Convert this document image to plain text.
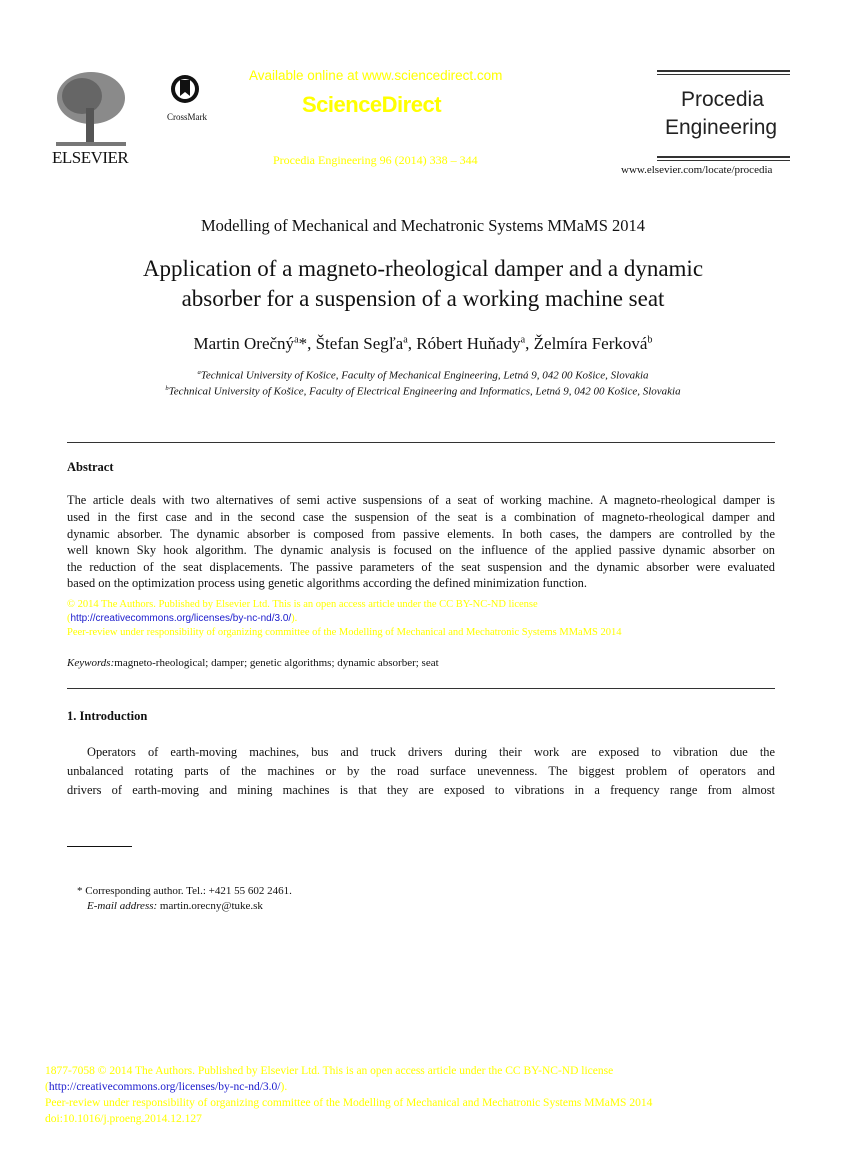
ELSEVIER
CrossMark
Available online at www.sciencedirect.com
ScienceDirect
Procedia Engineering 96 (2014) 338 – 344
Procedia
Engineering
www.elsevier.com/locate/procedia
Modelling of Mechanical and Mechatronic Systems MMaMS 2014
Application of a magneto-rheological damper and a dynamic
absorber for a suspension of a working machine seat
Martin Orečný$^a$*, Štefan Segľa$^a$, Róbert Huňady$^a$, Želmíra Ferková$^b$
$^a$Technical University of Košice, Faculty of Mechanical Engineering, Letná 9, 042 00 Košice, Slovakia
$^b$Technical University of Košice, Faculty of Electrical Engineering and Informatics, Letná 9, 042 00 Košice, Slovakia
Abstract
The article deals with two alternatives of semi active suspensions of a seat of working machine. A magneto-rheological damper is
used in the first case and in the second case the suspension of the seat is a combination of magneto-rheological damper and
dynamic absorber. The dynamic absorber is composed from passive elements. In both cases, the dampers are controlled by the
well known Sky hook algorithm. The dynamic analysis is focused on the influence of the applied passive dynamic absorber on
the reduction of the seat displacements. The passive parameters of the seat suspension and the dynamic absorber were evaluated
based on the optimization process using genetic algorithms according the defined minimization function.
© 2014 The Authors. Published by Elsevier Ltd. This is an open access article under the CC BY-NC-ND license
(http://creativecommons.org/licenses/by-nc-nd/3.0/).
Peer-review under responsibility of organizing committee of the Modelling of Mechanical and Mechatronic Systems MMaMS 2014
Keywords:magneto-rheological; damper; genetic algorithms; dynamic absorber; seat
1. Introduction
Operators of earth-moving machines, bus and truck drivers during their work are exposed to vibration due the
unbalanced rotating parts of the machines or by the road surface unevenness. The biggest problem of operators and
drivers of earth-moving and mining machines is that they are exposed to vibrations in a frequency range from almost
* Corresponding author. Tel.: +421 55 602 2461.
E-mail address: martin.orecny@tuke.sk
1877-7058 © 2014 The Authors. Published by Elsevier Ltd. This is an open access article under the CC BY-NC-ND license
(http://creativecommons.org/licenses/by-nc-nd/3.0/).
Peer-review under responsibility of organizing committee of the Modelling of Mechanical and Mechatronic Systems MMaMS 2014
doi:10.1016/j.proeng.2014.12.127
